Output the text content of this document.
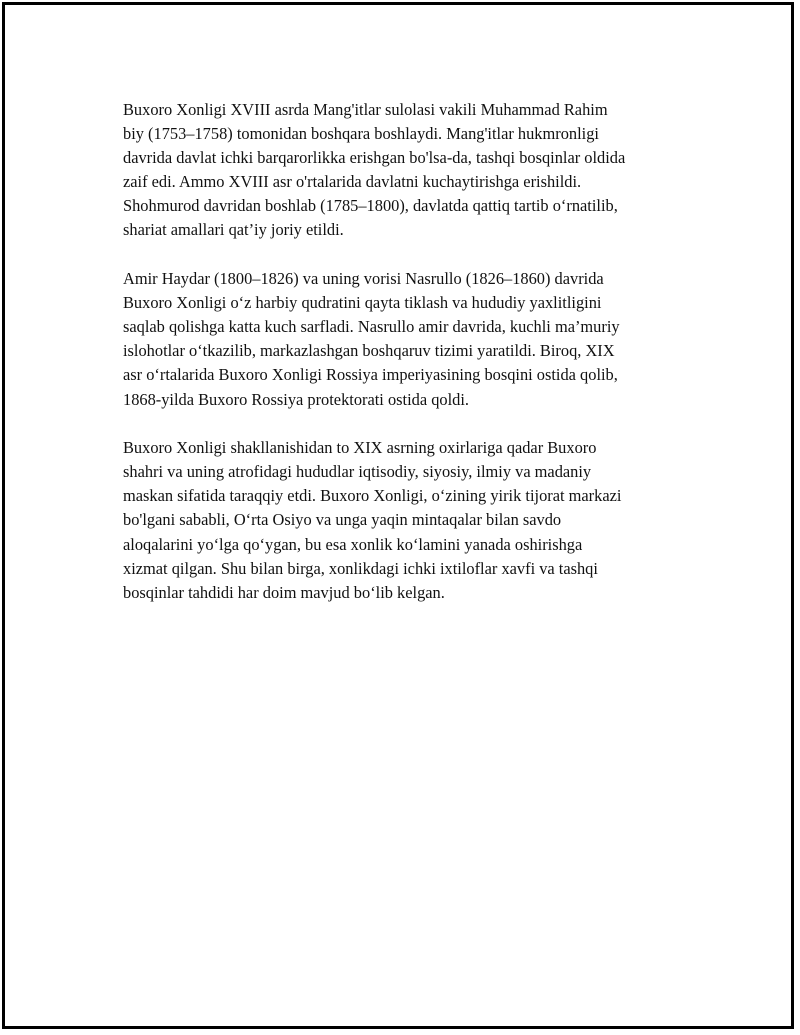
Buxoro Xonligi XVIII asrda Mang'itlar sulolasi vakili Muhammad Rahim
biy (1753–1758) tomonidan boshqara boshlaydi. Mang'itlar hukmronligi
davrida davlat ichki barqarorlikka erishgan bo'lsa-da, tashqi bosqinlar oldida
zaif edi. Ammo XVIII asr o'rtalarida davlatni kuchaytirishga erishildi.
Shohmurod davridan boshlab (1785–1800), davlatda qattiq tartib oʻrnatilib,
shariat amallari qat’iy joriy etildi.

Amir Haydar (1800–1826) va uning vorisi Nasrullo (1826–1860) davrida
Buxoro Xonligi oʻz harbiy qudratini qayta tiklash va hududiy yaxlitligini
saqlab qolishga katta kuch sarfladi. Nasrullo amir davrida, kuchli ma’muriy
islohotlar oʻtkazilib, markazlashgan boshqaruv tizimi yaratildi. Biroq, XIX
asr oʻrtalarida Buxoro Xonligi Rossiya imperiyasining bosqini ostida qolib,
1868-yilda Buxoro Rossiya protektorati ostida qoldi.

Buxoro Xonligi shakllanishidan to XIX asrning oxirlariga qadar Buxoro
shahri va uning atrofidagi hududlar iqtisodiy, siyosiy, ilmiy va madaniy
maskan sifatida taraqqiy etdi. Buxoro Xonligi, oʻzining yirik tijorat markazi
bo'lgani sababli, Oʻrta Osiyo va unga yaqin mintaqalar bilan savdo
aloqalarini yoʻlga qoʻygan, bu esa xonlik koʻlamini yanada oshirishga
xizmat qilgan. Shu bilan birga, xonlikdagi ichki ixtiloflar xavfi va tashqi
bosqinlar tahdidi har doim mavjud boʻlib kelgan.
